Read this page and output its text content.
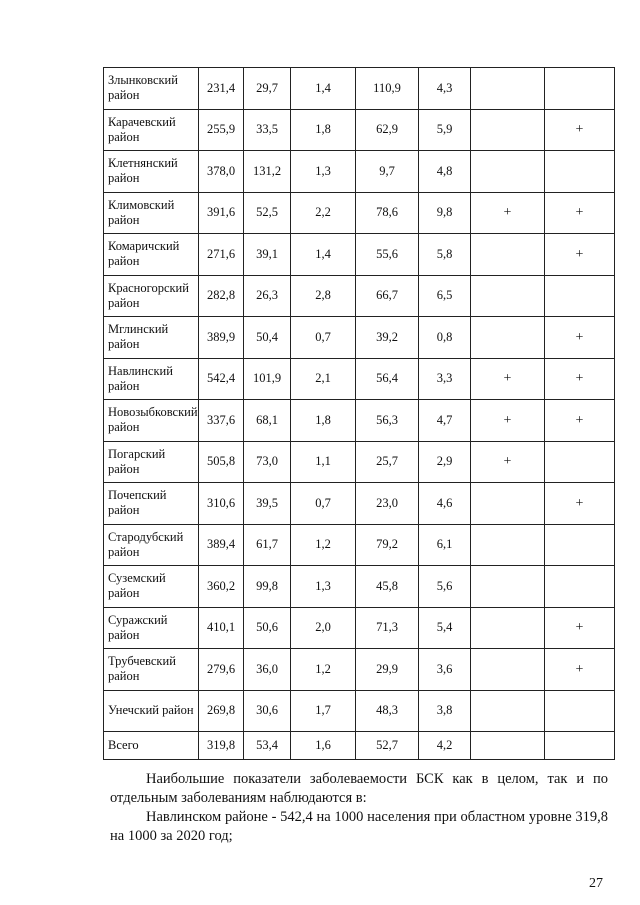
Злынковский район	231,4	29,7	1,4	110,9	4,3		
Карачевский район	255,9	33,5	1,8	62,9	5,9		+
Клетнянский район	378,0	131,2	1,3	9,7	4,8		
Климовский район	391,6	52,5	2,2	78,6	9,8	+	+
Комаричский район	271,6	39,1	1,4	55,6	5,8		+
Красногорский район	282,8	26,3	2,8	66,7	6,5		
Мглинский район	389,9	50,4	0,7	39,2	0,8		+
Навлинский район	542,4	101,9	2,1	56,4	3,3	+	+
Новозыбковский район	337,6	68,1	1,8	56,3	4,7	+	+
Погарский район	505,8	73,0	1,1	25,7	2,9	+	
Почепский район	310,6	39,5	0,7	23,0	4,6		+
Стародубский район	389,4	61,7	1,2	79,2	6,1		
Суземский район	360,2	99,8	1,3	45,8	5,6		
Суражский район	410,1	50,6	2,0	71,3	5,4		+
Трубчевский район	279,6	36,0	1,2	29,9	3,6		+
Унечский район	269,8	30,6	1,7	48,3	3,8		
Всего	319,8	53,4	1,6	52,7	4,2		

Наибольшие показатели заболеваемости БСК как в целом, так и по отдельным заболеваниям наблюдаются в:

Навлинском районе - 542,4 на 1000 населения при областном уровне 319,8 на 1000 за 2020 год;

27
